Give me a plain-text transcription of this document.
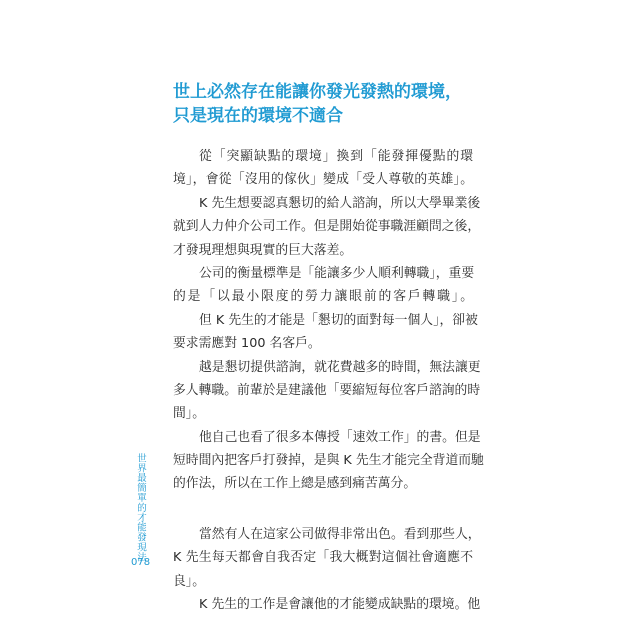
世上必然存在能讓你發光發熱的環境，
只是現在的環境不適合
從「突顯缺點的環境」換到「能發揮優點的環
境」，會從「沒用的傢伙」變成「受人尊敬的英雄」。
K 先生想要認真懇切的給人諮詢，所以大學畢業後
就到人力仲介公司工作。但是開始從事職涯顧問之後，
才發現理想與現實的巨大落差。
公司的衡量標準是「能讓多少人順利轉職」，重要
的是「以最小限度的勞力讓眼前的客戶轉職」。
但 K 先生的才能是「懇切的面對每一個人」，卻被
要求需應對 100 名客戶。
越是懇切提供諮詢，就花費越多的時間，無法讓更
多人轉職。前輩於是建議他「要縮短每位客戶諮詢的時
間」。
他自己也看了很多本傳授「速效工作」的書。但是
短時間內把客戶打發掉，是與 K 先生才能完全背道而馳
的作法，所以在工作上總是感到痛苦萬分。
當然有人在這家公司做得非常出色。看到那些人，
K 先生每天都會自我否定「我大概對這個社會適應不
良」。
K 先生的工作是會讓他的才能變成缺點的環境。他
世界最簡單的才能發現法
078
